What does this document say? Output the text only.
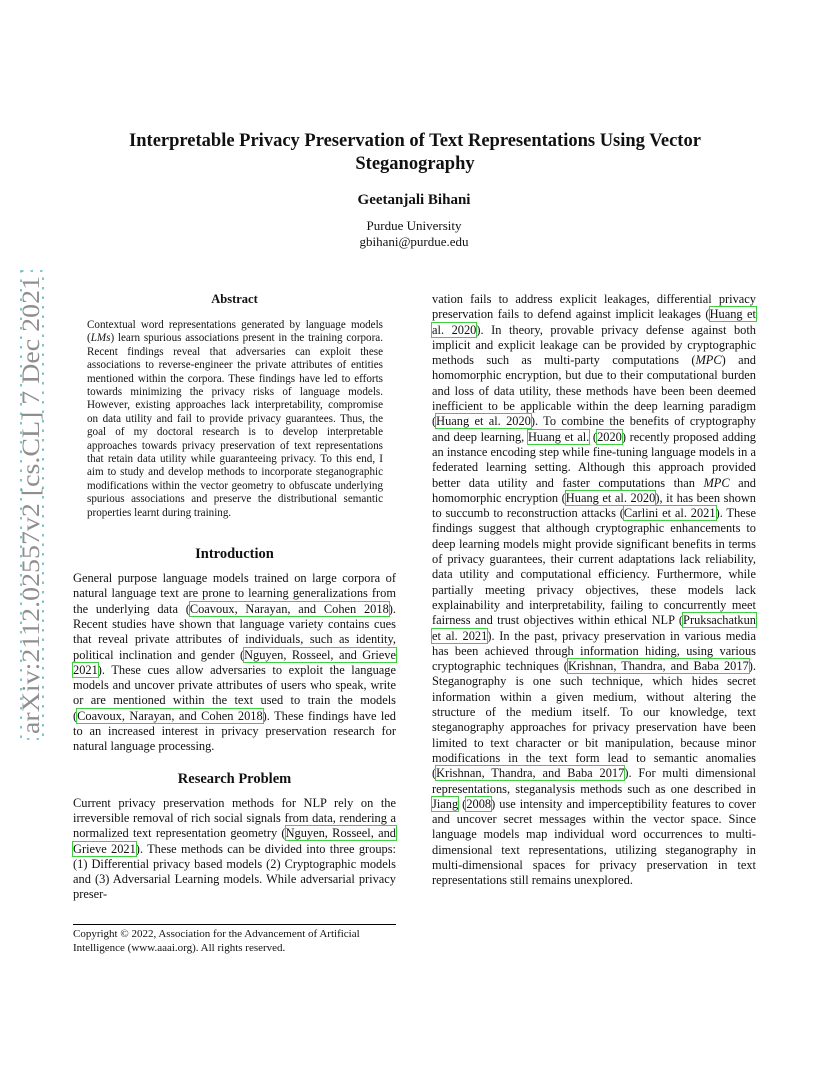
arXiv:2112.02557v2 [cs.CL] 7 Dec 2021
Interpretable Privacy Preservation of Text Representations Using Vector Steganography
Geetanjali Bihani
Purdue University
gbihani@purdue.edu
Abstract

Contextual word representations generated by language models (LMs) learn spurious associations present in the training corpora. Recent findings reveal that adversaries can exploit these associations to reverse-engineer the private attributes of entities mentioned within the corpora. These findings have led to efforts towards minimizing the privacy risks of language models. However, existing approaches lack interpretability, compromise on data utility and fail to provide privacy guarantees. Thus, the goal of my doctoral research is to develop interpretable approaches towards privacy preservation of text representations that retain data utility while guaranteeing privacy. To this end, I aim to study and develop methods to incorporate steganographic modifications within the vector geometry to obfuscate underlying spurious associations and preserve the distributional semantic properties learnt during training.

Introduction

General purpose language models trained on large corpora of natural language text are prone to learning generalizations from the underlying data (Coavoux, Narayan, and Cohen 2018). Recent studies have shown that language variety contains cues that reveal private attributes of individuals, such as identity, political inclination and gender (Nguyen, Rosseel, and Grieve 2021). These cues allow adversaries to exploit the language models and uncover private attributes of users who speak, write or are mentioned within the text used to train the models (Coavoux, Narayan, and Cohen 2018). These findings have led to an increased interest in privacy preservation research for natural language processing.

Research Problem

Current privacy preservation methods for NLP rely on the irreversible removal of rich social signals from data, rendering a normalized text representation geometry (Nguyen, Rosseel, and Grieve 2021). These methods can be divided into three groups: (1) Differential privacy based models (2) Cryptographic models and (3) Adversarial Learning models. While adversarial privacy preser-

vation fails to address explicit leakages, differential privacy preservation fails to defend against implicit leakages (Huang et al. 2020). In theory, provable privacy defense against both implicit and explicit leakage can be provided by cryptographic methods such as multi-party computations (MPC) and homomorphic encryption, but due to their computational burden and loss of data utility, these methods have been been deemed inefficient to be applicable within the deep learning paradigm (Huang et al. 2020). To combine the benefits of cryptography and deep learning, Huang et al. (2020) recently proposed adding an instance encoding step while fine-tuning language models in a federated learning setting. Although this approach provided better data utility and faster computations than MPC and homomorphic encryption (Huang et al. 2020), it has been shown to succumb to reconstruction attacks (Carlini et al. 2021). These findings suggest that although cryptographic enhancements to deep learning models might provide significant benefits in terms of privacy guarantees, their current adaptations lack reliability, data utility and computational efficiency. Furthermore, while partially meeting privacy objectives, these models lack explainability and interpretability, failing to concurrently meet fairness and trust objectives within ethical NLP (Pruksachatkun et al. 2021). In the past, privacy preservation in various media has been achieved through information hiding, using various cryptographic techniques (Krishnan, Thandra, and Baba 2017). Steganography is one such technique, which hides secret information within a given medium, without altering the structure of the medium itself. To our knowledge, text steganography approaches for privacy preservation have been limited to text character or bit manipulation, because minor modifications in the text form lead to semantic anomalies (Krishnan, Thandra, and Baba 2017). For multi dimensional representations, steganalysis methods such as one described in Jiang (2008) use intensity and imperceptibility features to cover and uncover secret messages within the vector space. Since language models map individual word occurrences to multi-dimensional text representations, utilizing steganography in multi-dimensional spaces for privacy preservation in text representations still remains unexplored.

Copyright © 2022, Association for the Advancement of Artificial Intelligence (www.aaai.org). All rights reserved.
